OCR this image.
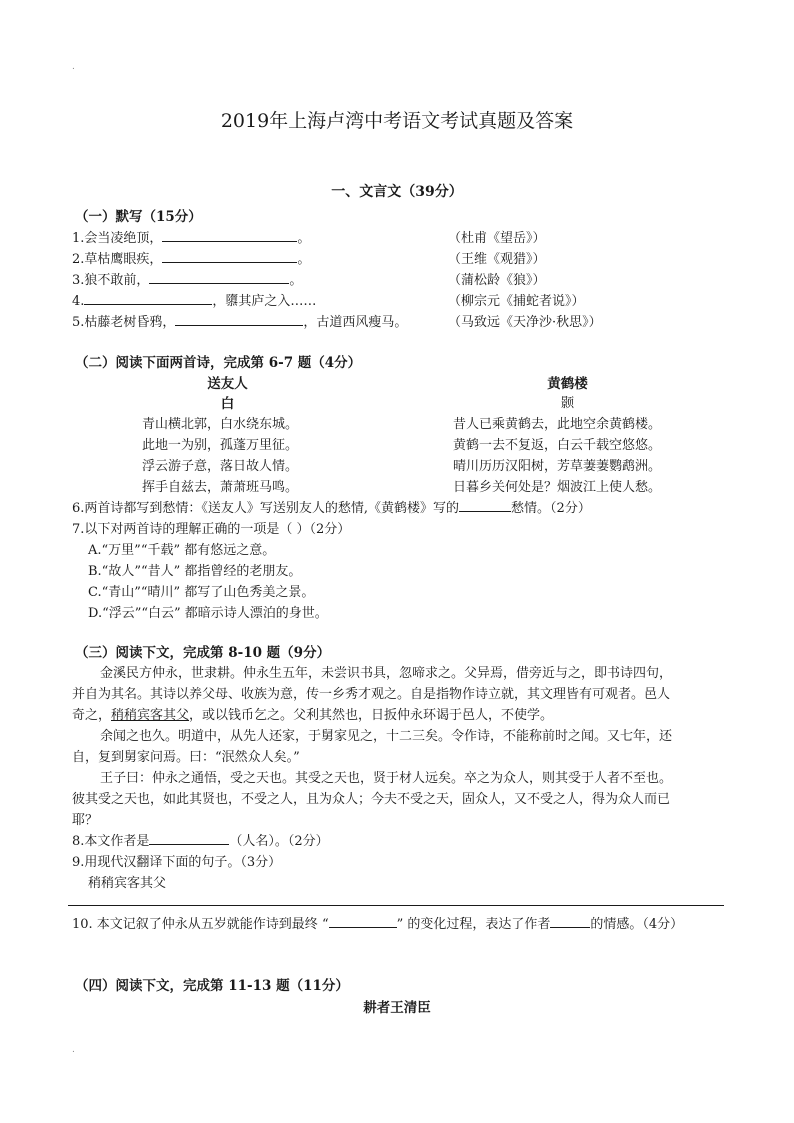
.
.
2019年上海卢湾中考语文考试真题及答案
一、文言文（39分）
（一）默写（15分）
1.会当凌绝顶，	。	（杜甫《望岳》）
2.草枯鹰眼疾，	。	（王维《观猎》）
3.狼不敢前，	。	（蒲松龄《狼》）
4.	，隳其庐之入……	（柳宗元《捕蛇者说》）
5.枯藤老树昏鸦，	，古道西风瘦马。	（马致远《天净沙·秋思》）
（二）阅读下面两首诗，完成第 6-7 题（4分）
送友人
白
青山横北郭，白水绕东城。
此地一为别，孤蓬万里征。
浮云游子意，落日故人情。
挥手自兹去，萧萧班马鸣。
黄鹤楼
颢
昔人已乘黄鹤去，此地空余黄鹤楼。
黄鹤一去不复返，白云千载空悠悠。
晴川历历汉阳树，芳草萋萋鹦鹉洲。
日暮乡关何处是？烟波江上使人愁。
6.两首诗都写到愁情：《送友人》写送别友人的愁情,《黄鹤楼》写的	愁情。（2分）
7.以下对两首诗的理解正确的一项是（ ）（2分）
A.“万里”“千载” 都有悠远之意。
B.“故人”“昔人” 都指曾经的老朋友。
C.“青山”“晴川” 都写了山色秀美之景。
D.“浮云”“白云” 都暗示诗人漂泊的身世。
（三）阅读下文，完成第 8-10 题（9分）
金溪民方仲永，世隶耕。仲永生五年，未尝识书具，忽啼求之。父异焉，借旁近与之，即书诗四句，
并自为其名。其诗以养父母、收族为意，传一乡秀才观之。自是指物作诗立就，其文理皆有可观者。邑人
奇之，稍稍宾客其父，或以钱币乞之。父利其然也，日扳仲永环谒于邑人，不使学。
余闻之也久。明道中，从先人还家，于舅家见之，十二三矣。令作诗，不能称前时之闻。又七年，还
自，复到舅家问焉。曰：“泯然众人矣。”
王子曰：仲永之通悟，受之天也。其受之天也，贤于材人远矣。卒之为众人，则其受于人者不至也。
彼其受之天也，如此其贤也，不受之人，且为众人；今夫不受之天，固众人，又不受之人，得为众人而已
耶？
8.本文作者是	（人名）。（2分）
9.用现代汉翻译下面的句子。（3分）
稍稍宾客其父
10. 本文记叙了仲永从五岁就能作诗到最终 “	” 的变化过程，表达了作者	的情感。（4分）
（四）阅读下文，完成第 11-13 题（11分）
耕者王清臣
